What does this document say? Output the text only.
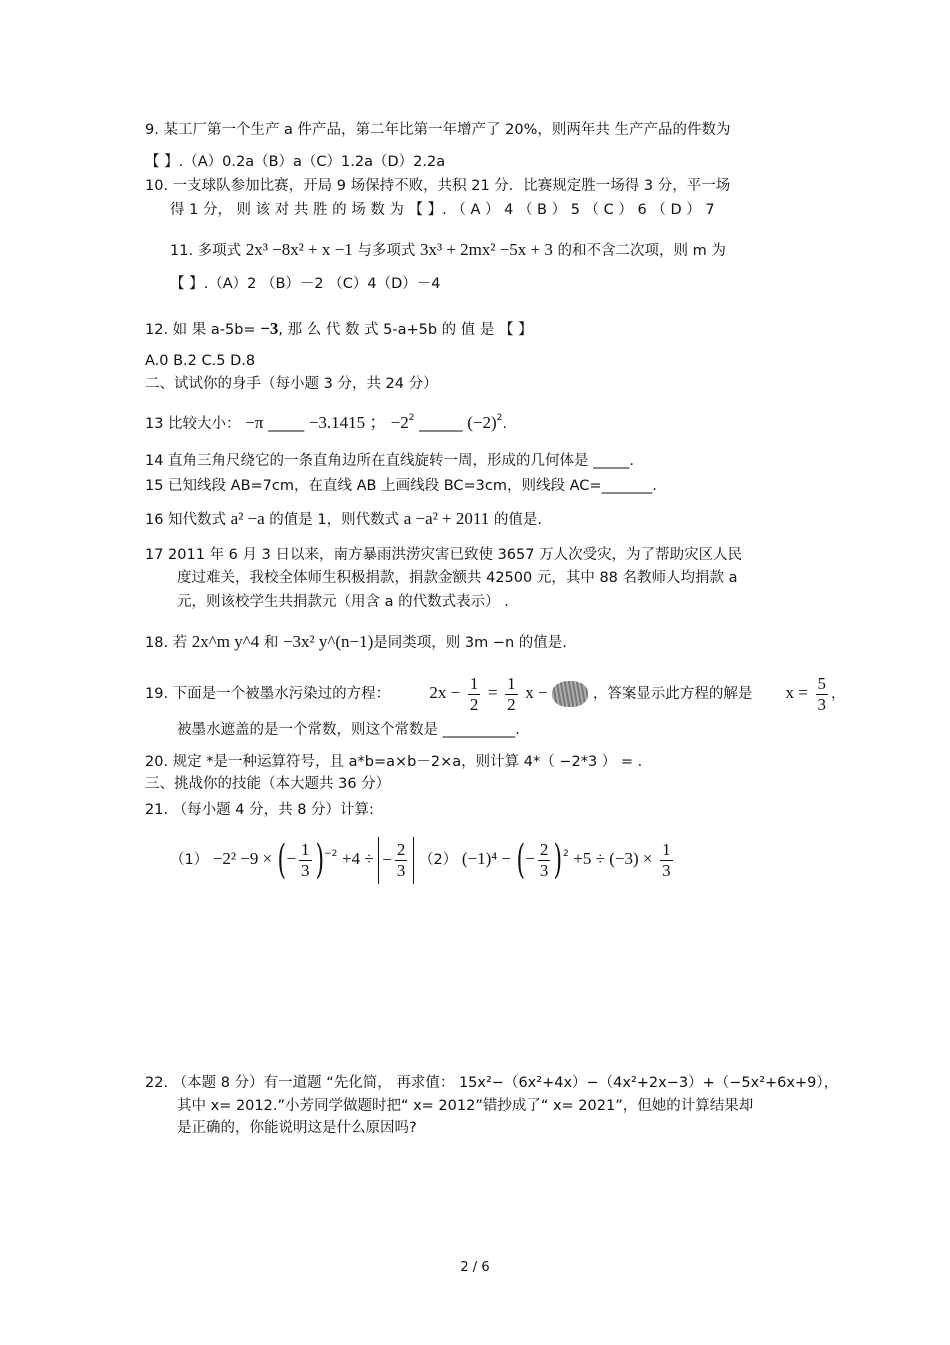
9. 某工厂第一个生产 a 件产品，第二年比第一年增产了 20%，则两年共 生产产品的件数为
【 】.（A）0.2a（B）a（C）1.2a（D）2.2a
10. 一支球队参加比赛，开局 9 场保持不败，共积 21 分．比赛规定胜一场得 3 分，平一场
得 1 分， 则 该 对 共 胜 的 场 数 为 【 】. （ A ） 4 （ B ） 5 （ C ） 6 （ D ） 7
11. 多项式 2x³ −8x² + x −1 与多项式 3x³ + 2mx² −5x + 3 的和不含二次项，则 m 为
【 】.（A）2 （B）－2 （C）4（D）－4
12. 如 果 a-5b= −3, 那 么 代 数 式 5-a+5b 的 值 是 【 】
A.0 B.2 C.5 D.8
二、试试你的身手（每小题 3 分，共 24 分）
13 比较大小： −π _____ −3.1415 ； $-2^2$ ______ $(-2)^2$.
14 直角三角尺绕它的一条直角边所在直线旋转一周，形成的几何体是 _____.
15 已知线段 AB=7cm，在直线 AB 上画线段 BC=3cm，则线段 AC=_______.
16 知代数式 a² −a 的值是 1，则代数式 a −a² + 2011 的值是.
17 2011 年 6 月 3 日以来，南方暴雨洪涝灾害已致使 3657 万人次受灾，为了帮助灾区人民
度过难关，我校全体师生积极捐款，捐款金额共 42500 元，其中 88 名教师人均捐款 a
元，则该校学生共捐款元（用含 a 的代数式表示） .
18. 若 2x^m y^4 和 −3x² y^(n−1)是同类项，则 3m −n 的值是.
19. 下面是一个被墨水污染过的方程： $2x - \frac{1}{2} = \frac{1}{2}$ x −	，答案显示此方程的解是 $x = \frac{5}{3}$ ，
被墨水遮盖的是一个常数，则这个常数是 __________.
20. 规定 *是一种运算符号，且 a*b=a×b－2×a，则计算 4*（ −2*3 ） = .
三、挑战你的技能（本大题共 36 分）
21. （每小题 4 分，共 8 分）计算:
（1） −2² −9 × (− $\frac{1}{3} )^{-2} +4$ ÷ − $\frac{2}{3} (2) (-1)^4$ − (− $\frac{2}{3} )^2 +5 \div (-3) \times \frac{1}{3}$
22. （本题 8 分）有一道题 “先化简， 再求值： 15x²−（6x²+4x）−（4x²+2x−3）+（−5x²+6x+9），
其中 x= 2012.”小芳同学做题时把“ x= 2012”错抄成了“ x= 2021”，但她的计算结果却
是正确的，你能说明这是什么原因吗?
2 / 6
